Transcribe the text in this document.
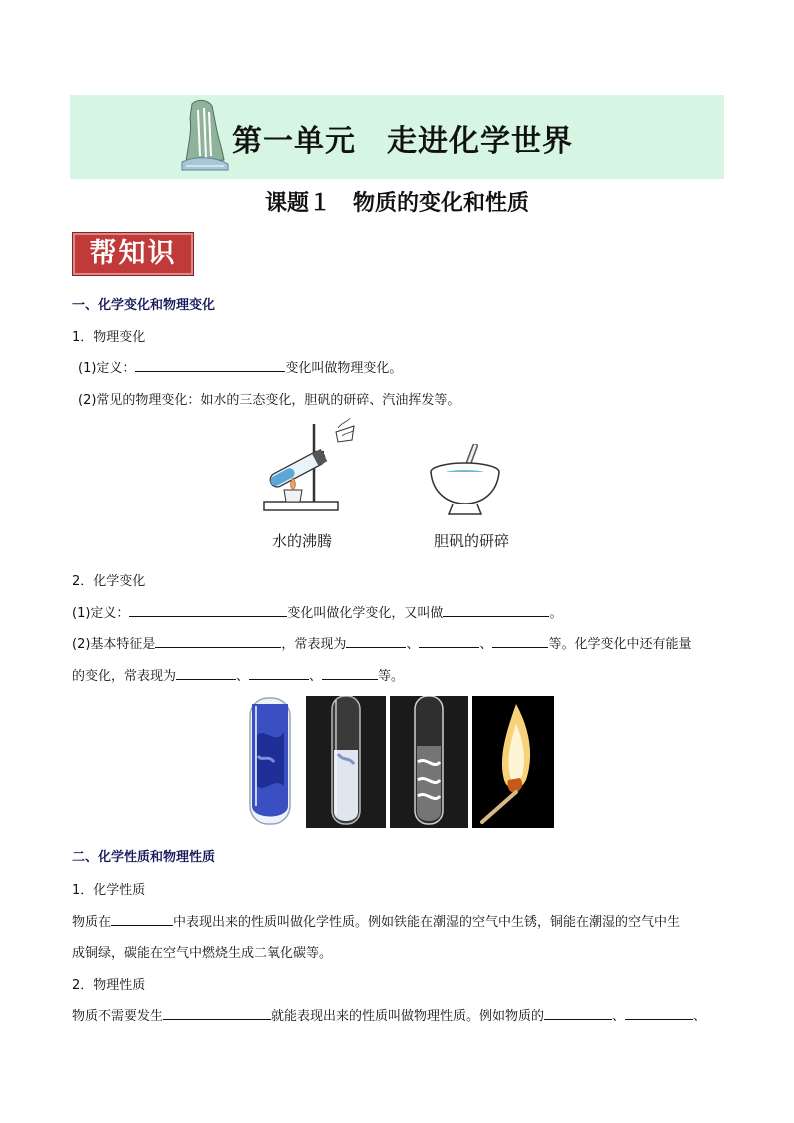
第一单元　走进化学世界
课题１　物质的变化和性质
帮知识
一、化学变化和物理变化
1．物理变化
(1)定义：	变化叫做物理变化。
(2)常见的物理变化：如水的三态变化，胆矾的研碎、汽油挥发等。
水的沸腾	胆矾的研碎
2．化学变化
(1)定义：	变化叫做化学变化，又叫做	。
(2)基本特征是	，常表现为	、	、	等。化学变化中还有能量
的变化，常表现为	、	、	等。
二、化学性质和物理性质
1．化学性质
物质在	中表现出来的性质叫做化学性质。例如铁能在潮湿的空气中生锈，铜能在潮湿的空气中生
成铜绿，碳能在空气中燃烧生成二氧化碳等。
2．物理性质
物质不需要发生	就能表现出来的性质叫做物理性质。例如物质的	、	、
